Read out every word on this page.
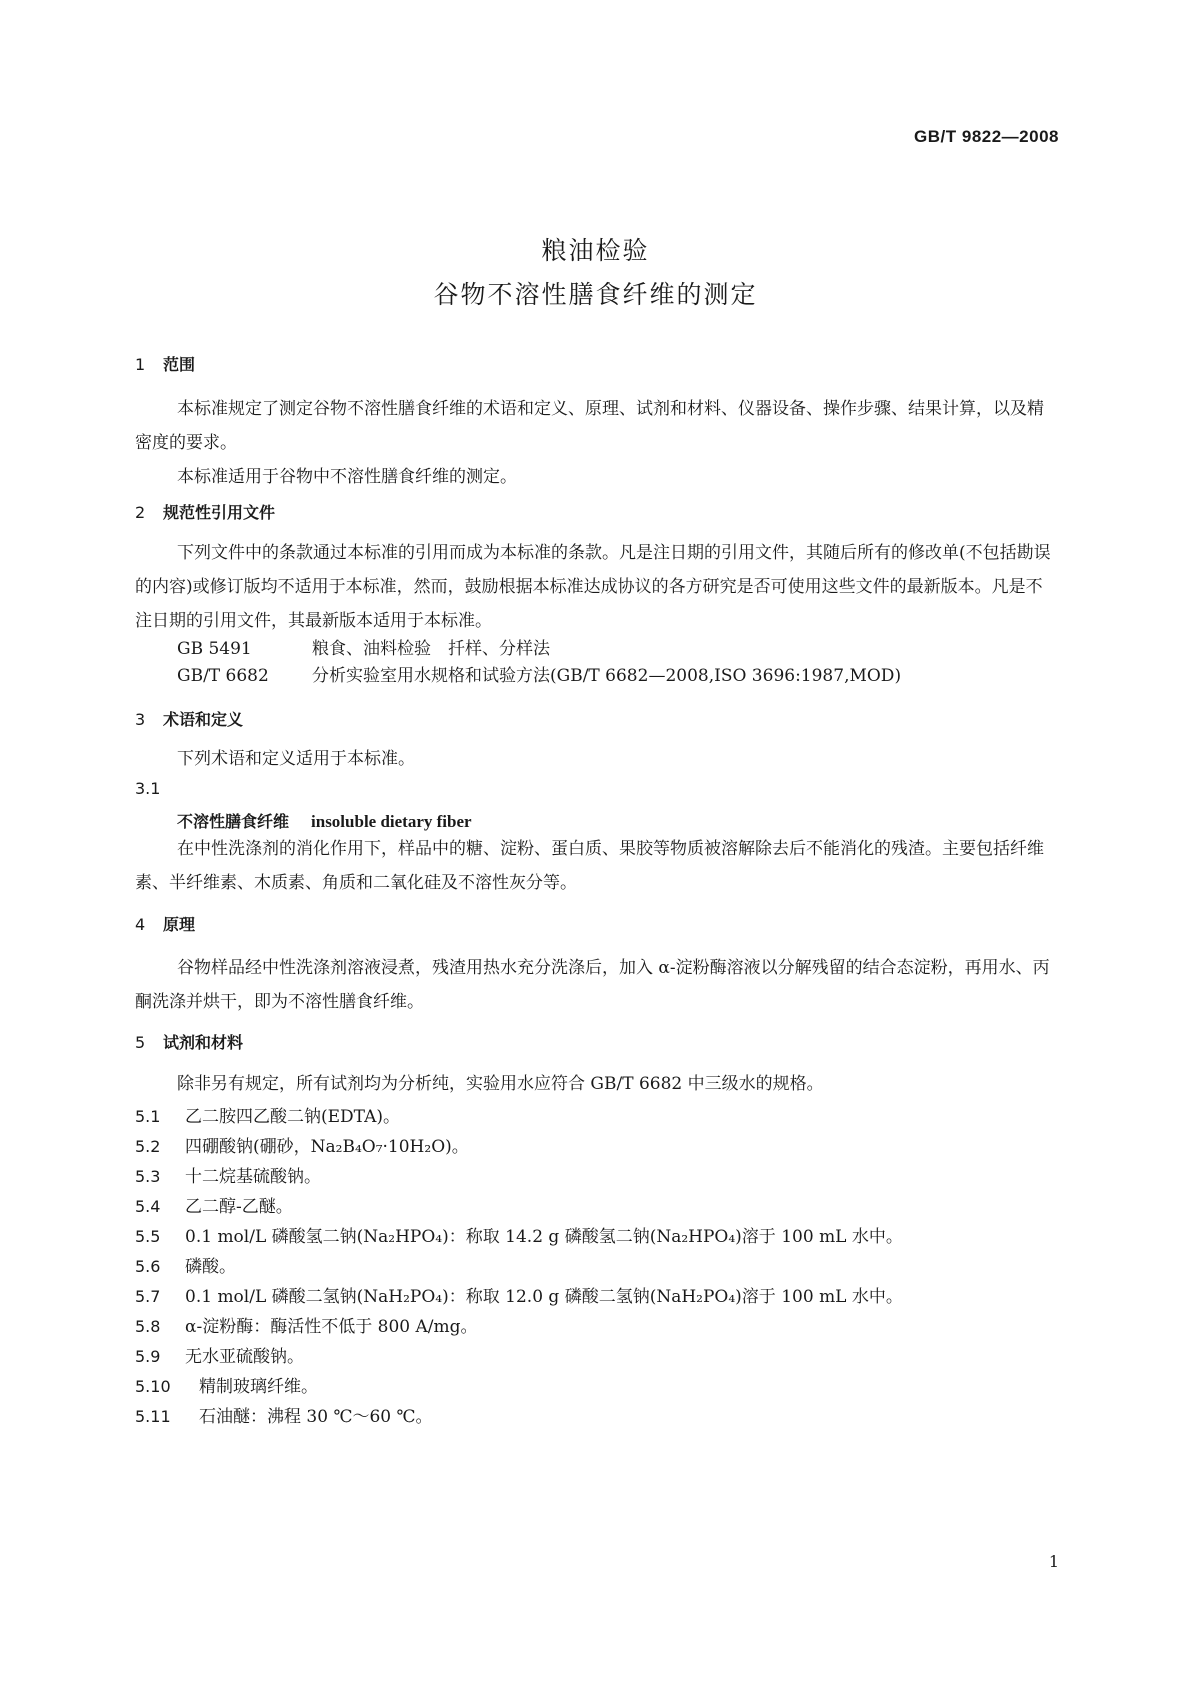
GB/T 9822—2008
粮油检验
谷物不溶性膳食纤维的测定
1 范围

本标准规定了测定谷物不溶性膳食纤维的术语和定义、原理、试剂和材料、仪器设备、操作步骤、结果计算，以及精密度的要求。

本标准适用于谷物中不溶性膳食纤维的测定。

2 规范性引用文件

下列文件中的条款通过本标准的引用而成为本标准的条款。凡是注日期的引用文件，其随后所有的修改单(不包括勘误的内容)或修订版均不适用于本标准，然而，鼓励根据本标准达成协议的各方研究是否可使用这些文件的最新版本。凡是不注日期的引用文件，其最新版本适用于本标准。

GB 5491	粮食、油料检验　扦样、分样法
GB/T 6682	分析实验室用水规格和试验方法(GB/T 6682—2008,ISO 3696:1987,MOD)
3 术语和定义

下列术语和定义适用于本标准。

3.1
不溶性膳食纤维 insoluble dietary fiber

在中性洗涤剂的消化作用下，样品中的糖、淀粉、蛋白质、果胶等物质被溶解除去后不能消化的残渣。主要包括纤维素、半纤维素、木质素、角质和二氧化硅及不溶性灰分等。

4 原理

谷物样品经中性洗涤剂溶液浸煮，残渣用热水充分洗涤后，加入 α-淀粉酶溶液以分解残留的结合态淀粉，再用水、丙酮洗涤并烘干，即为不溶性膳食纤维。

5 试剂和材料

除非另有规定，所有试剂均为分析纯，实验用水应符合 GB/T 6682 中三级水的规格。

5.1 乙二胺四乙酸二钠(EDTA)。
5.2 四硼酸钠(硼砂，Na₂B₄O₇·10H₂O)。
5.3 十二烷基硫酸钠。
5.4 乙二醇-乙醚。
5.5 0.1 mol/L 磷酸氢二钠(Na₂HPO₄)：称取 14.2 g 磷酸氢二钠(Na₂HPO₄)溶于 100 mL 水中。
5.6 磷酸。
5.7 0.1 mol/L 磷酸二氢钠(NaH₂PO₄)：称取 12.0 g 磷酸二氢钠(NaH₂PO₄)溶于 100 mL 水中。
5.8 α-淀粉酶：酶活性不低于 800 A/mg。
5.9 无水亚硫酸钠。
5.10 精制玻璃纤维。
5.11 石油醚：沸程 30 ℃～60 ℃。
1
